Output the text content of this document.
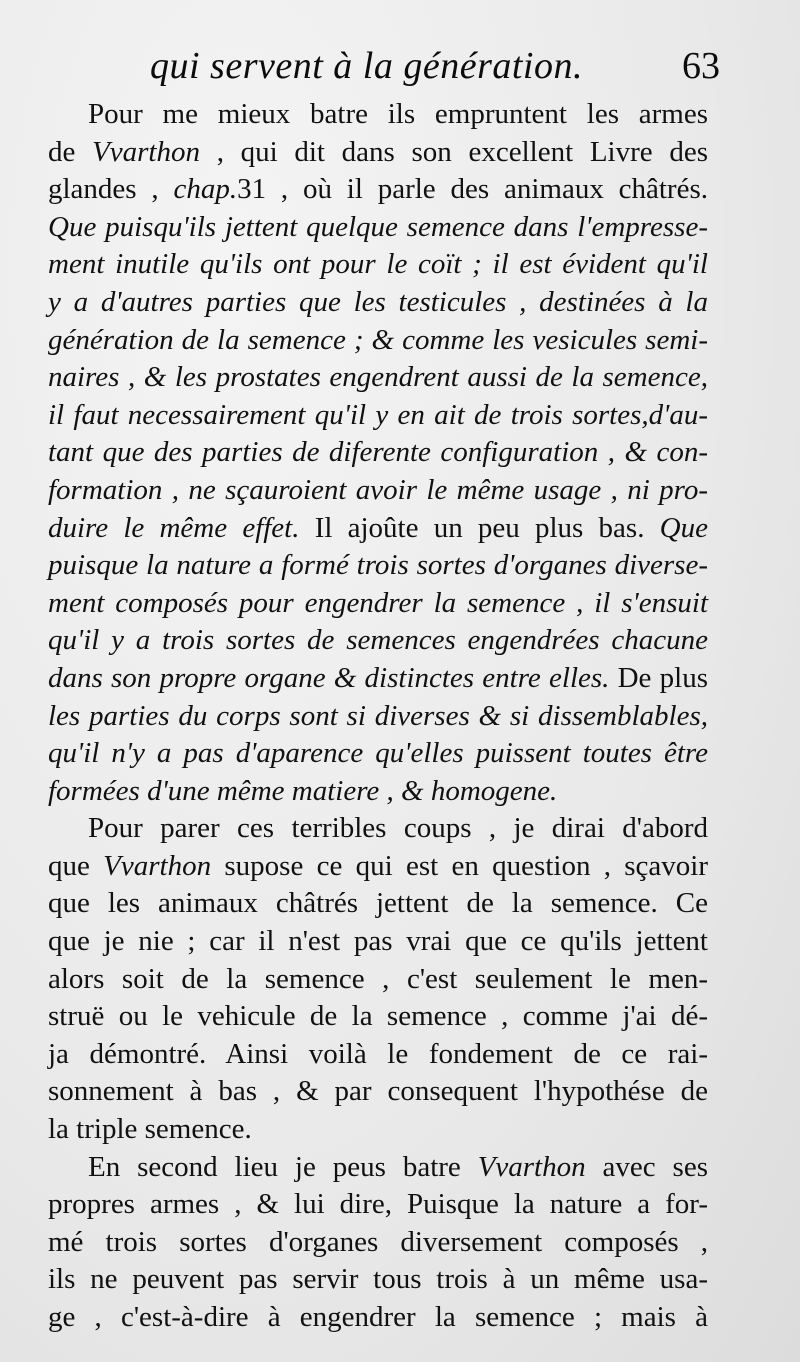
qui servent à la génération.	63
Pour me mieux batre ils empruntent les armes
de Vvarthon , qui dit dans son excellent Livre des
glandes , chap.31 , où il parle des animaux châtrés.
Que puisqu'ils jettent quelque semence dans l'empresse-
ment inutile qu'ils ont pour le coït ; il est évident qu'il
y a d'autres parties que les testicules , destinées à la
génération de la semence ; & comme les vesicules semi-
naires , & les prostates engendrent aussi de la semence,
il faut necessairement qu'il y en ait de trois sortes,d'au-
tant que des parties de diferente configuration , & con-
formation , ne sçauroient avoir le même usage , ni pro-
duire le même effet. Il ajoûte un peu plus bas. Que
puisque la nature a formé trois sortes d'organes diverse-
ment composés pour engendrer la semence , il s'ensuit
qu'il y a trois sortes de semences engendrées chacune
dans son propre organe & distinctes entre elles. De plus
les parties du corps sont si diverses & si dissemblables,
qu'il n'y a pas d'aparence qu'elles puissent toutes être
formées d'une même matiere , & homogene.
Pour parer ces terribles coups , je dirai d'abord
que Vvarthon supose ce qui est en question , sçavoir
que les animaux châtrés jettent de la semence. Ce
que je nie ; car il n'est pas vrai que ce qu'ils jettent
alors soit de la semence , c'est seulement le men-
struë ou le vehicule de la semence , comme j'ai dé-
ja démontré. Ainsi voilà le fondement de ce rai-
sonnement à bas , & par consequent l'hypothése de
la triple semence.
En second lieu je peus batre Vvarthon avec ses
propres armes , & lui dire, Puisque la nature a for-
mé trois sortes d'organes diversement composés ,
ils ne peuvent pas servir tous trois à un même usa-
ge , c'est-à-dire à engendrer la semence ; mais à
